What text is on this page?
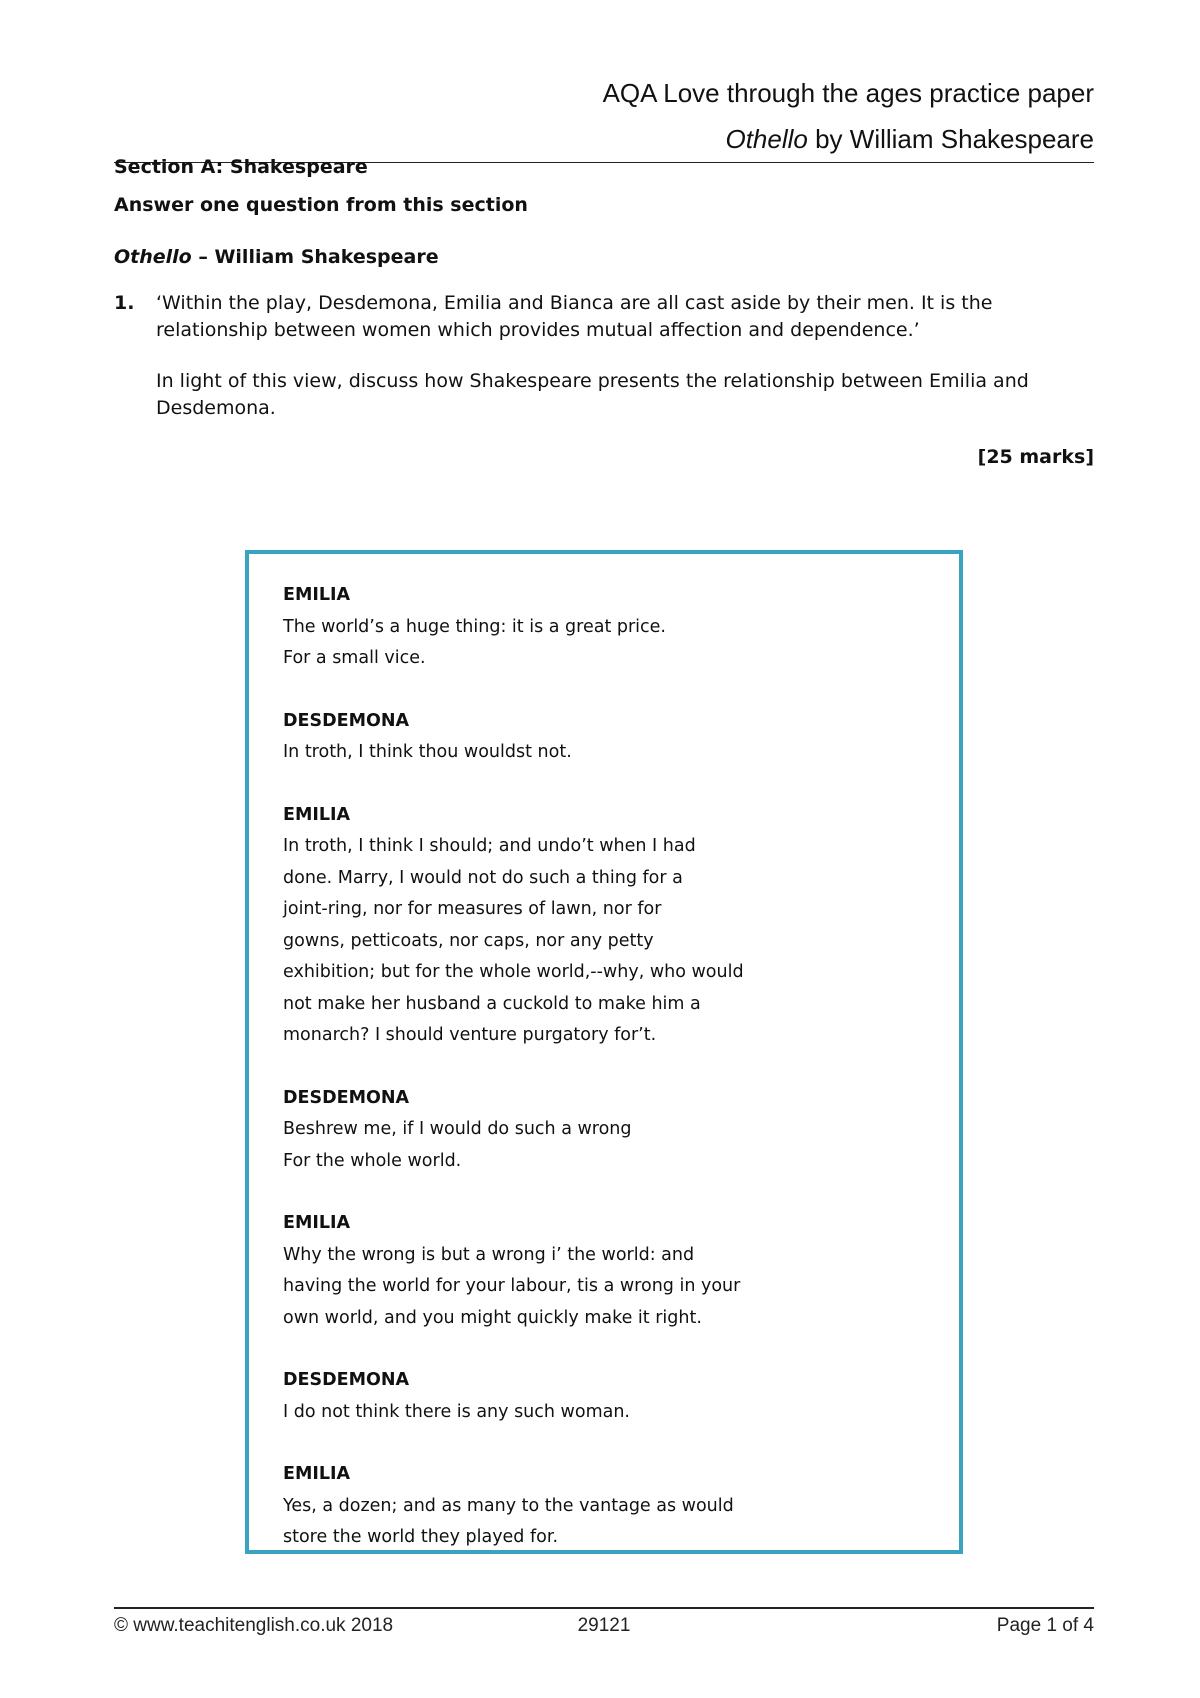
AQA Love through the ages practice paper
Othello by William Shakespeare
Section A: Shakespeare
Answer one question from this section
Othello – William Shakespeare
1.	‘Within the play, Desdemona, Emilia and Bianca are all cast aside by their men. It is the relationship between women which provides mutual affection and dependence.’

In light of this view, discuss how Shakespeare presents the relationship between Emilia and Desdemona.

[25 marks]
EMILIA
The world’s a huge thing: it is a great price.
For a small vice.
DESDEMONA
In troth, I think thou wouldst not.
EMILIA
In troth, I think I should; and undo’t when I had
done. Marry, I would not do such a thing for a
joint-ring, nor for measures of lawn, nor for
gowns, petticoats, nor caps, nor any petty
exhibition; but for the whole world,--why, who would
not make her husband a cuckold to make him a
monarch? I should venture purgatory for’t.
DESDEMONA
Beshrew me, if I would do such a wrong
For the whole world.
EMILIA
Why the wrong is but a wrong i’ the world: and
having the world for your labour, tis a wrong in your
own world, and you might quickly make it right.
DESDEMONA
I do not think there is any such woman.
EMILIA
Yes, a dozen; and as many to the vantage as would
store the world they played for.
© www.teachitenglish.co.uk 2018	29121	Page 1 of 4
